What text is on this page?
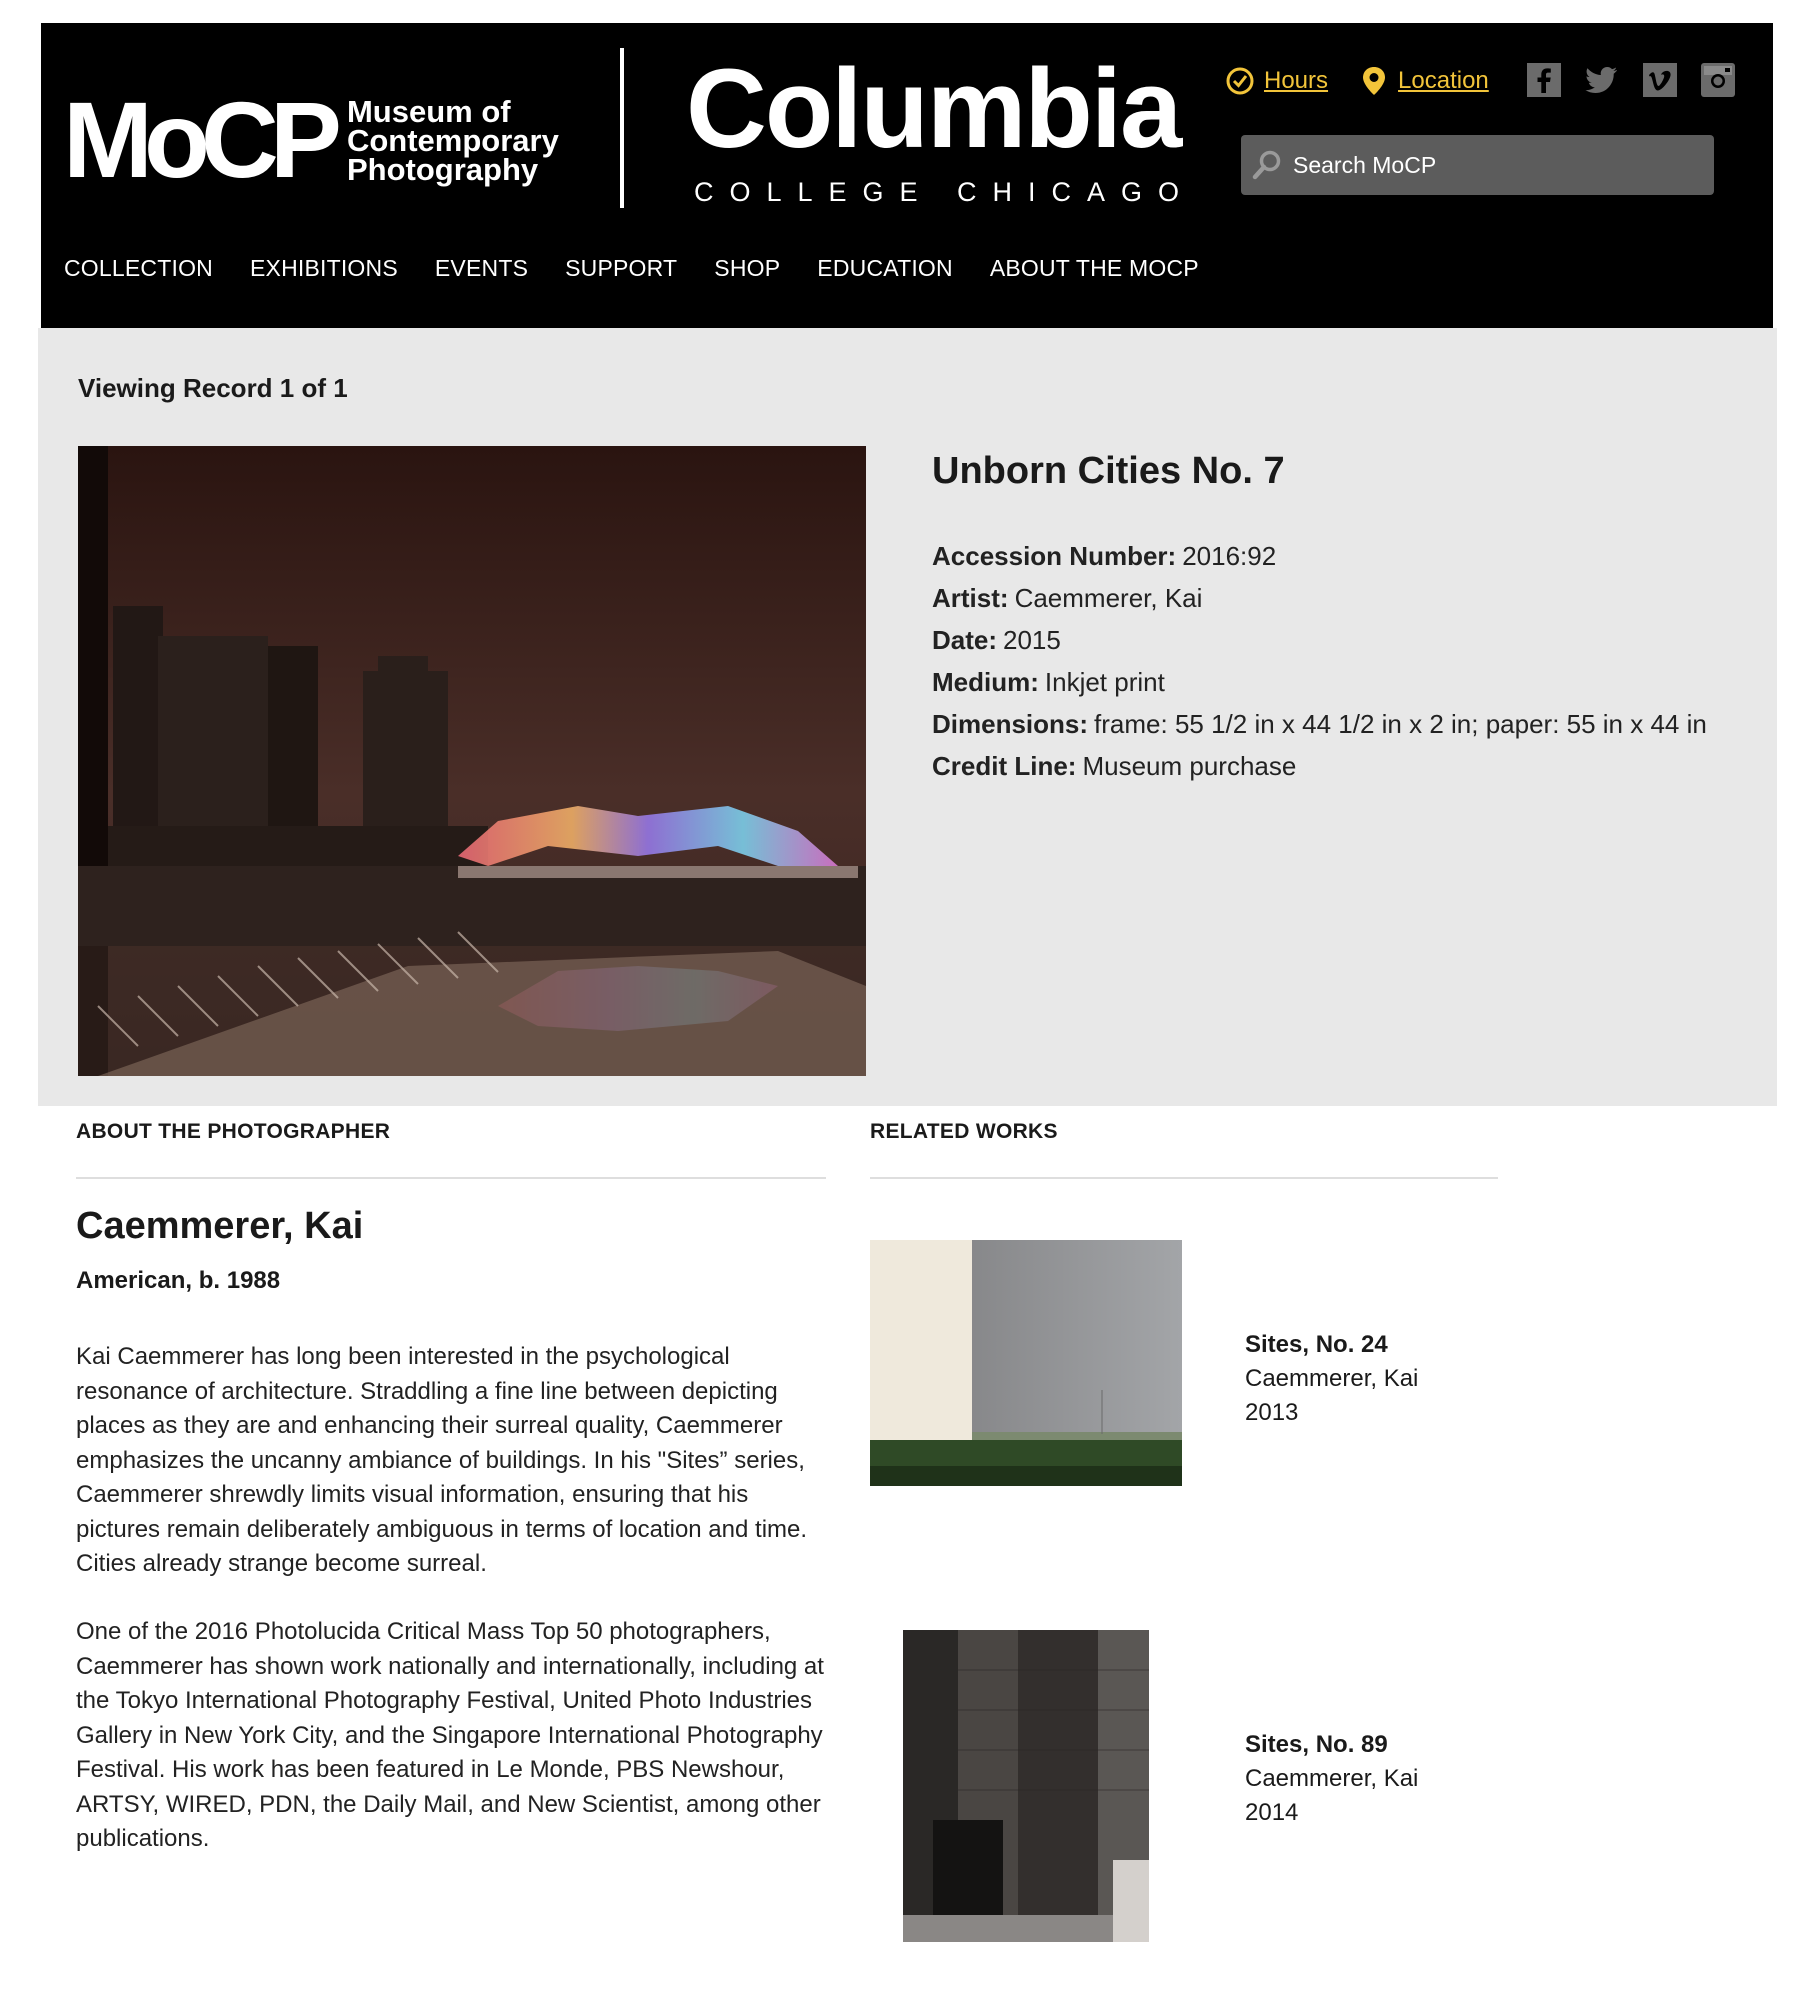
MoCP Museum of
Contemporary
Photography Columbia
COLLEGE CHICAGO
Hours	Location
Search MoCP
COLLECTION EXHIBITIONS EVENTS SUPPORT SHOP EDUCATION ABOUT THE MOCP
Viewing Record 1 of 1
Unborn Cities No. 7
Accession Number: 2016:92
Artist: Caemmerer, Kai
Date: 2015
Medium: Inkjet print
Dimensions: frame: 55 1/2 in x 44 1/2 in x 2 in; paper: 55 in x 44 in
Credit Line: Museum purchase
ABOUT THE PHOTOGRAPHER
Caemmerer, Kai
American, b. 1988

Kai Caemmerer has long been interested in the psychological resonance of architecture. Straddling a fine line between depicting places as they are and enhancing their surreal quality, Caemmerer emphasizes the uncanny ambiance of buildings. In his "Sites” series, Caemmerer shrewdly limits visual information, ensuring that his pictures remain deliberately ambiguous in terms of location and time. Cities already strange become surreal.

One of the 2016 Photolucida Critical Mass Top 50 photographers, Caemmerer has shown work nationally and internationally, including at the Tokyo International Photography Festival, United Photo Industries Gallery in New York City, and the Singapore International Photography Festival. His work has been featured in Le Monde, PBS Newshour, ARTSY, WIRED, PDN, the Daily Mail, and New Scientist, among other publications.

RELATED WORKS
Sites, No. 24
Caemmerer, Kai
2013
Sites, No. 89
Caemmerer, Kai
2014
